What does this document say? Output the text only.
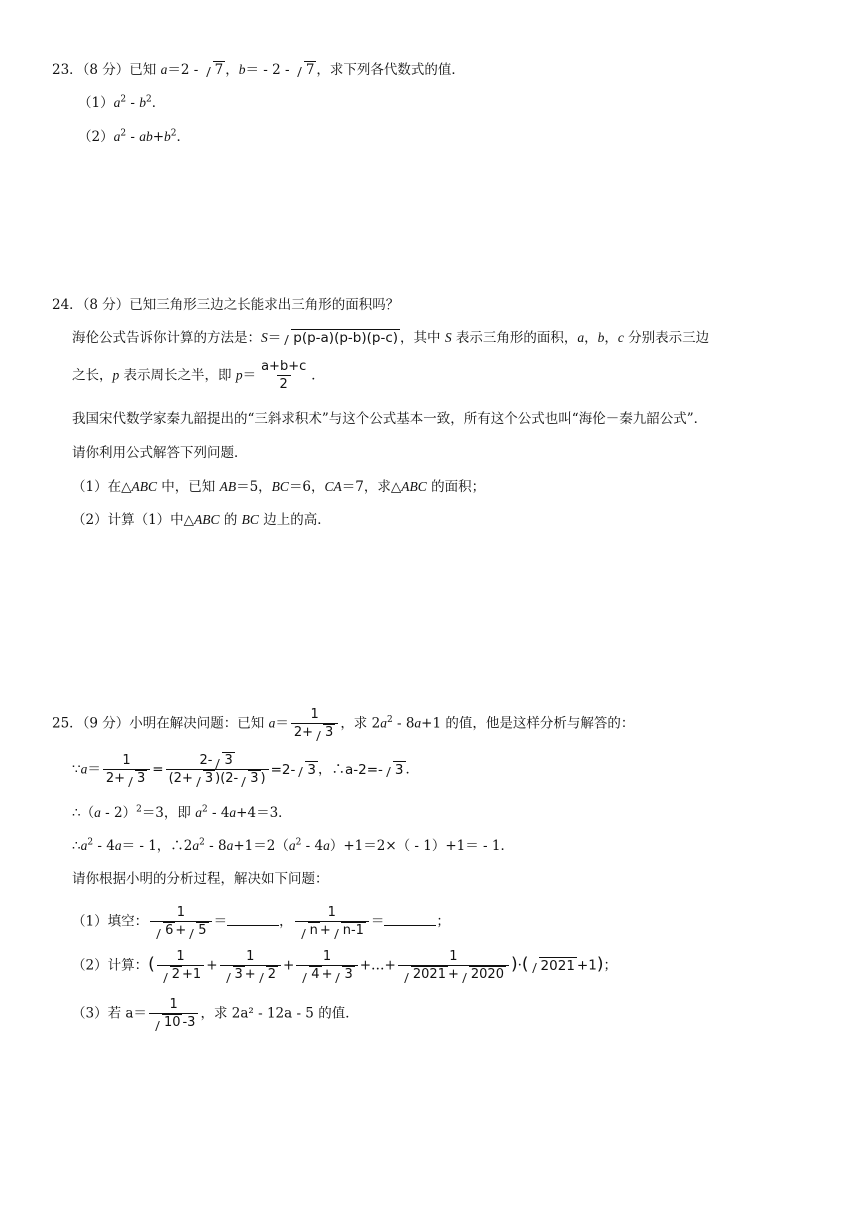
23．（8 分）已知 a＝2 - 7 ，b＝ - 2 - 7 ，求下列各代数式的值．
$(1)a^2 - b^2$．
$(2)a^2 - ab+b^2$．
24．（8 分）已知三角形三边之长能求出三角形的面积吗？
海伦公式告诉你计算的方法是：S＝ p(p-a)(p-b)(p-c) ，其中 S 表示三角形的面积，a，b，c 分别表示三边
之长，p 表示周长之半，即 $p= \frac{a+b+c}{2}$ ．
我国宋代数学家秦九韶提出的“三斜求积术”与这个公式基本一致，所有这个公式也叫“海伦－秦九韶公式”．
请你利用公式解答下列问题．
（1）在△ABC 中，已知 AB＝5，BC＝6，CA＝7，求△ABC 的面积；
（2）计算（1）中△ABC 的 BC 边上的高．
25．（9 分）小明在解决问题：已知 $a= \frac{1}{2+ 3}$ ，求 $2a^2 - 8a+1$ 的值，他是这样分析与解答的：
∵a＝ $\frac{1}{2+ 3} = \frac{2- 3}{(2+ 3 )(2- 3 )} =2-$ 3 ，∴a-2=- 3 ．
∴（a - 2）$^2$＝3，即 $a^2 - 4a+4=3$．
$\therefore a^2 - 4a= - 1$，$\therefore 2a^2 - 8a+1=2(a^2 - 4a)+1=2\times( - 1)+1= - 1$．
请你根据小明的分析过程，解决如下问题：
（1）填空： $\frac{1}{6 + 5}$ ＝	， $\frac{1}{n + n-1}$ ＝	；
（2）计算：( $\frac{1}{2 +1} + \frac{1}{3 + 2} + \frac{1}{4 + 3}$ +…+ $\frac{1}{2021 + 2020}$ )·( 2021 +1)；
（3）若 $a= \frac{1}{10 -3}$ ，求 2a² - 12a - 5 的值．
